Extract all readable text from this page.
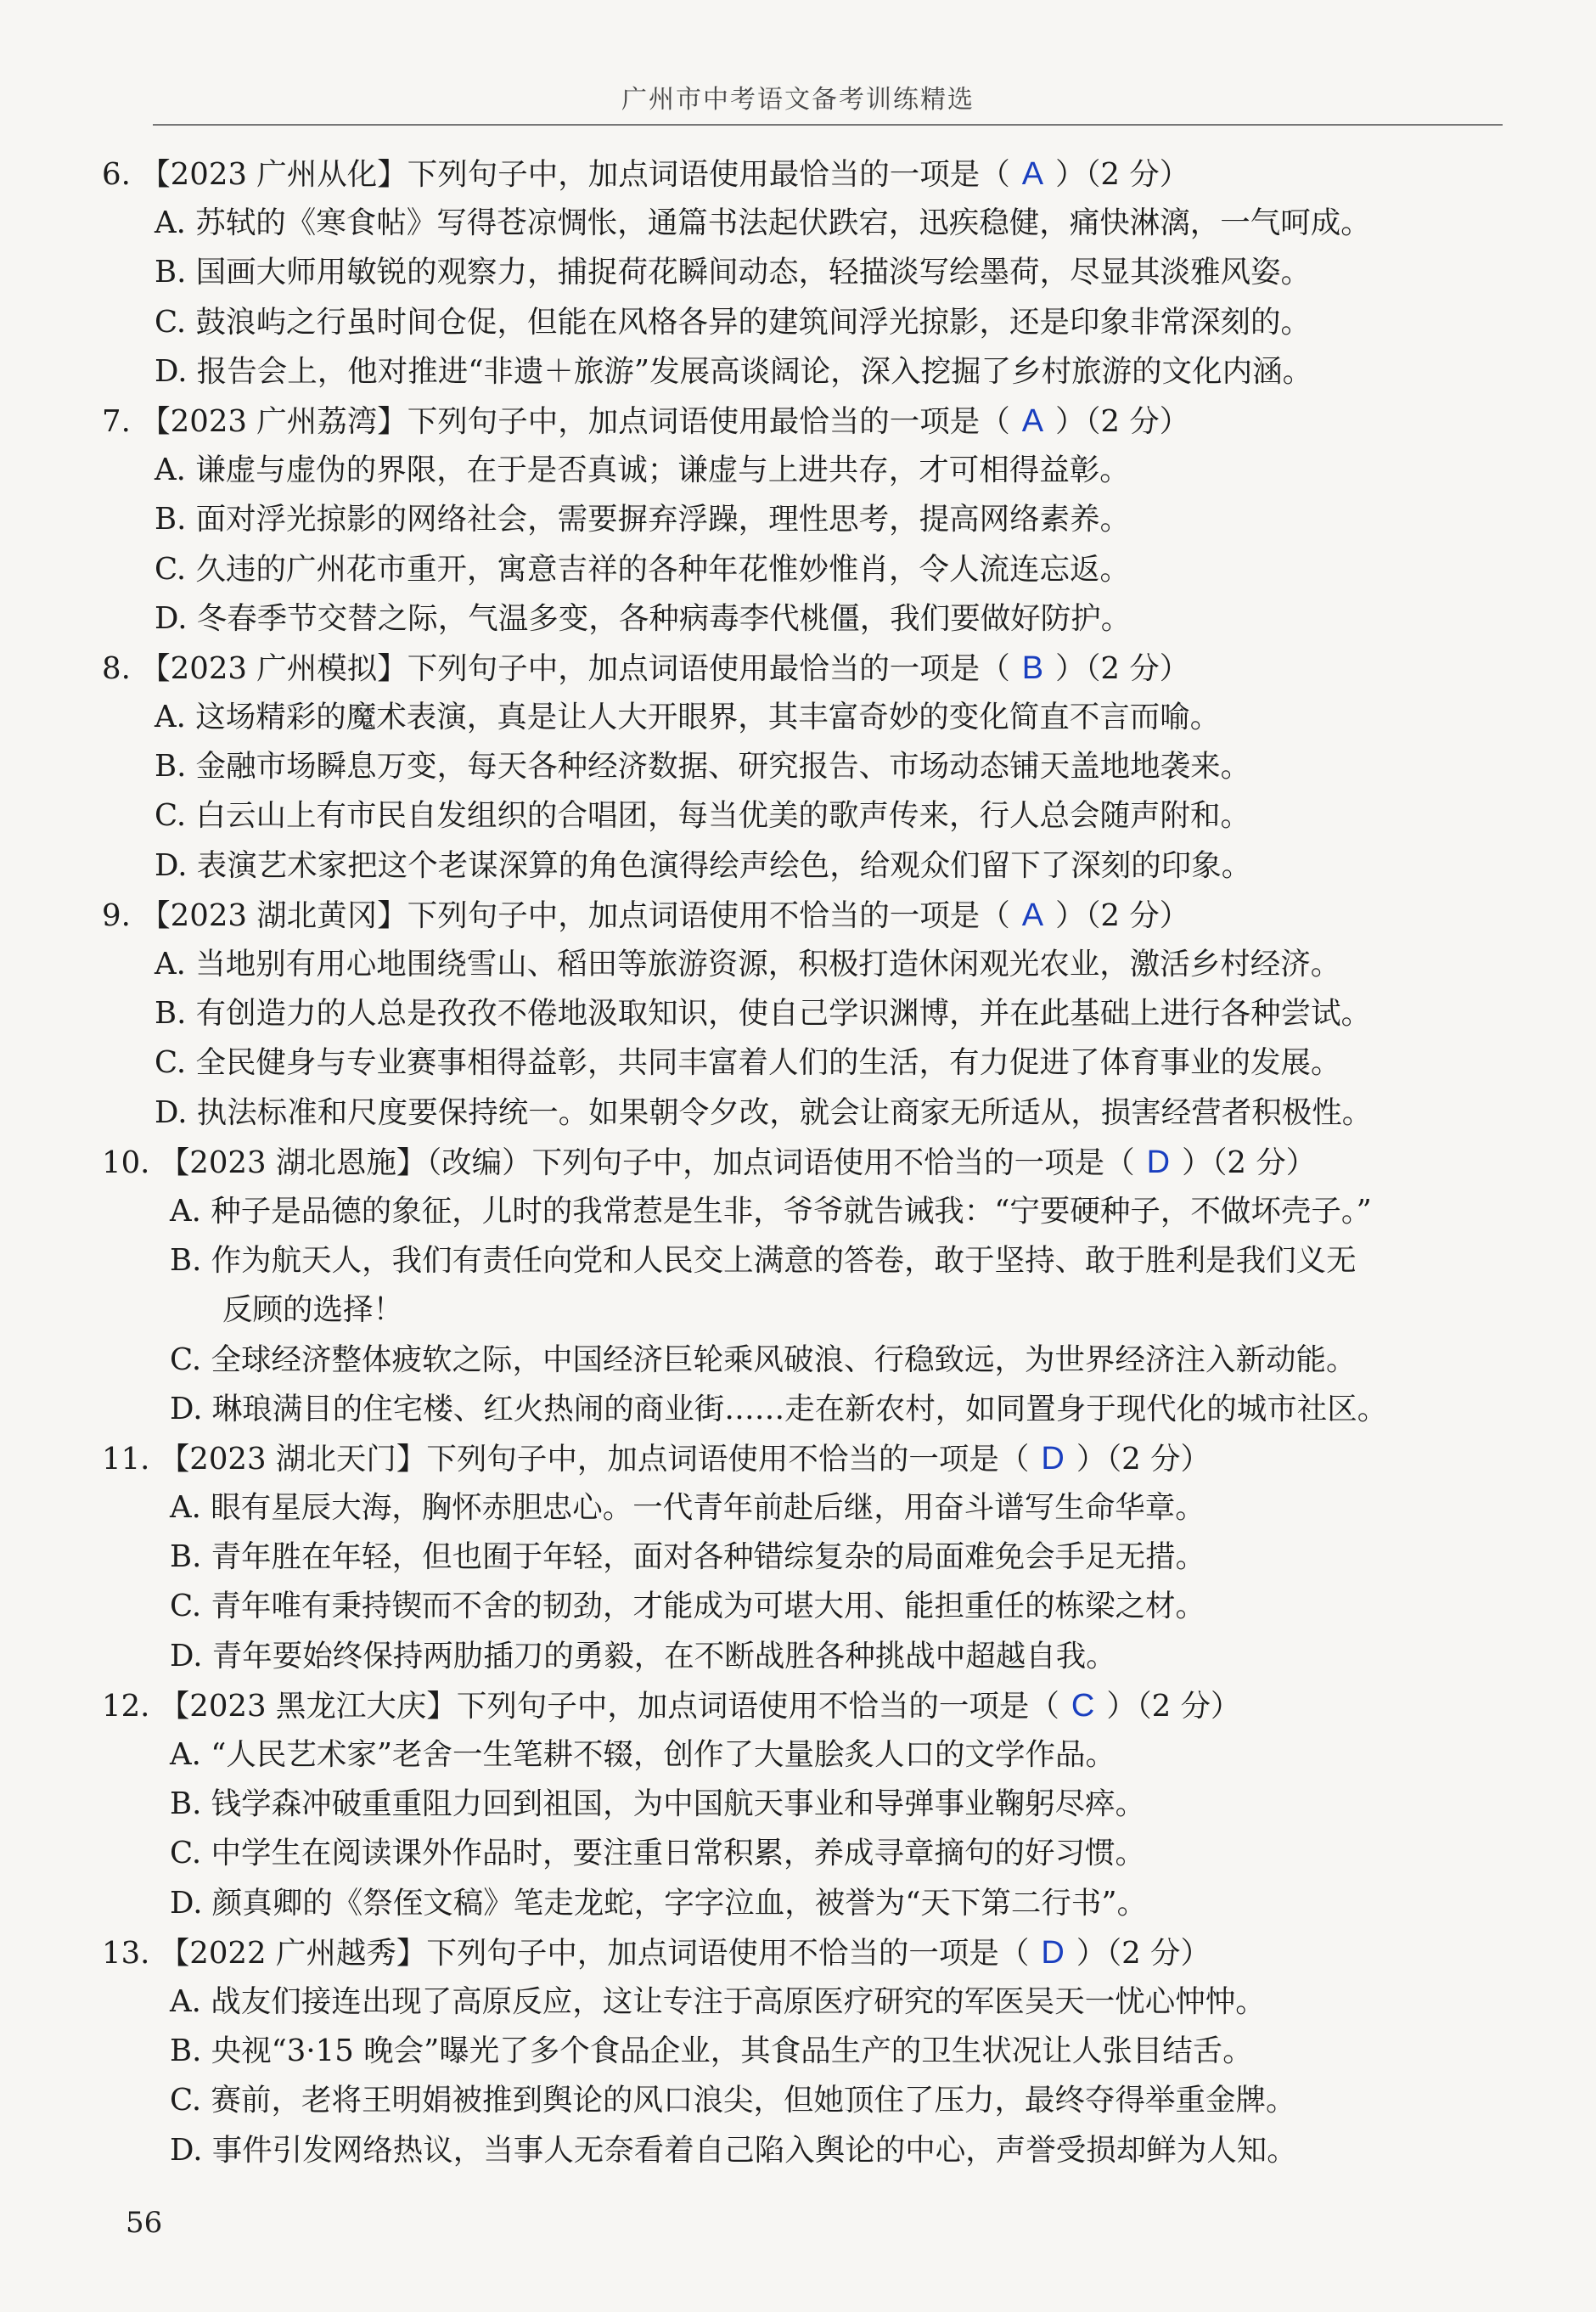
广州市中考语文备考训练精选
6. 【2023 广州从化】下列句子中，加点词语使用最恰当的一项是（ A ）（2 分）
A. 苏轼的《寒食帖》写得苍凉惆怅，通篇书法起伏跌宕，迅疾稳健，痛快淋漓，一气呵成。
B. 国画大师用敏锐的观察力，捕捉荷花瞬间动态，轻描淡写绘墨荷，尽显其淡雅风姿。
C. 鼓浪屿之行虽时间仓促，但能在风格各异的建筑间浮光掠影，还是印象非常深刻的。
D. 报告会上，他对推进“非遗＋旅游”发展高谈阔论，深入挖掘了乡村旅游的文化内涵。
7. 【2023 广州荔湾】下列句子中，加点词语使用最恰当的一项是（ A ）（2 分）
A. 谦虚与虚伪的界限，在于是否真诚；谦虚与上进共存，才可相得益彰。
B. 面对浮光掠影的网络社会，需要摒弃浮躁，理性思考，提高网络素养。
C. 久违的广州花市重开，寓意吉祥的各种年花惟妙惟肖，令人流连忘返。
D. 冬春季节交替之际，气温多变，各种病毒李代桃僵，我们要做好防护。
8. 【2023 广州模拟】下列句子中，加点词语使用最恰当的一项是（ B ）（2 分）
A. 这场精彩的魔术表演，真是让人大开眼界，其丰富奇妙的变化简直不言而喻。
B. 金融市场瞬息万变，每天各种经济数据、研究报告、市场动态铺天盖地地袭来。
C. 白云山上有市民自发组织的合唱团，每当优美的歌声传来，行人总会随声附和。
D. 表演艺术家把这个老谋深算的角色演得绘声绘色，给观众们留下了深刻的印象。
9. 【2023 湖北黄冈】下列句子中，加点词语使用不恰当的一项是（ A ）（2 分）
A. 当地别有用心地围绕雪山、稻田等旅游资源，积极打造休闲观光农业，激活乡村经济。
B. 有创造力的人总是孜孜不倦地汲取知识，使自己学识渊博，并在此基础上进行各种尝试。
C. 全民健身与专业赛事相得益彰，共同丰富着人们的生活，有力促进了体育事业的发展。
D. 执法标准和尺度要保持统一。如果朝令夕改，就会让商家无所适从，损害经营者积极性。
10. 【2023 湖北恩施】（改编）下列句子中，加点词语使用不恰当的一项是（ D ）（2 分）
A. 种子是品德的象征，儿时的我常惹是生非，爷爷就告诫我：“宁要硬种子，不做坏壳子。”
B. 作为航天人，我们有责任向党和人民交上满意的答卷，敢于坚持、敢于胜利是我们义无
反顾的选择！
C. 全球经济整体疲软之际，中国经济巨轮乘风破浪、行稳致远，为世界经济注入新动能。
D. 琳琅满目的住宅楼、红火热闹的商业街……走在新农村，如同置身于现代化的城市社区。
11. 【2023 湖北天门】下列句子中，加点词语使用不恰当的一项是（ D ）（2 分）
A. 眼有星辰大海，胸怀赤胆忠心。一代青年前赴后继，用奋斗谱写生命华章。
B. 青年胜在年轻，但也囿于年轻，面对各种错综复杂的局面难免会手足无措。
C. 青年唯有秉持锲而不舍的韧劲，才能成为可堪大用、能担重任的栋梁之材。
D. 青年要始终保持两肋插刀的勇毅，在不断战胜各种挑战中超越自我。
12. 【2023 黑龙江大庆】下列句子中，加点词语使用不恰当的一项是（ C ）（2 分）
A. “人民艺术家”老舍一生笔耕不辍，创作了大量脍炙人口的文学作品。
B. 钱学森冲破重重阻力回到祖国，为中国航天事业和导弹事业鞠躬尽瘁。
C. 中学生在阅读课外作品时，要注重日常积累，养成寻章摘句的好习惯。
D. 颜真卿的《祭侄文稿》笔走龙蛇，字字泣血，被誉为“天下第二行书”。
13. 【2022 广州越秀】下列句子中，加点词语使用不恰当的一项是（ D ）（2 分）
A. 战友们接连出现了高原反应，这让专注于高原医疗研究的军医吴天一忧心忡忡。
B. 央视“3·15 晚会”曝光了多个食品企业，其食品生产的卫生状况让人张目结舌。
C. 赛前，老将王明娟被推到舆论的风口浪尖，但她顶住了压力，最终夺得举重金牌。
D. 事件引发网络热议，当事人无奈看着自己陷入舆论的中心，声誉受损却鲜为人知。
56
